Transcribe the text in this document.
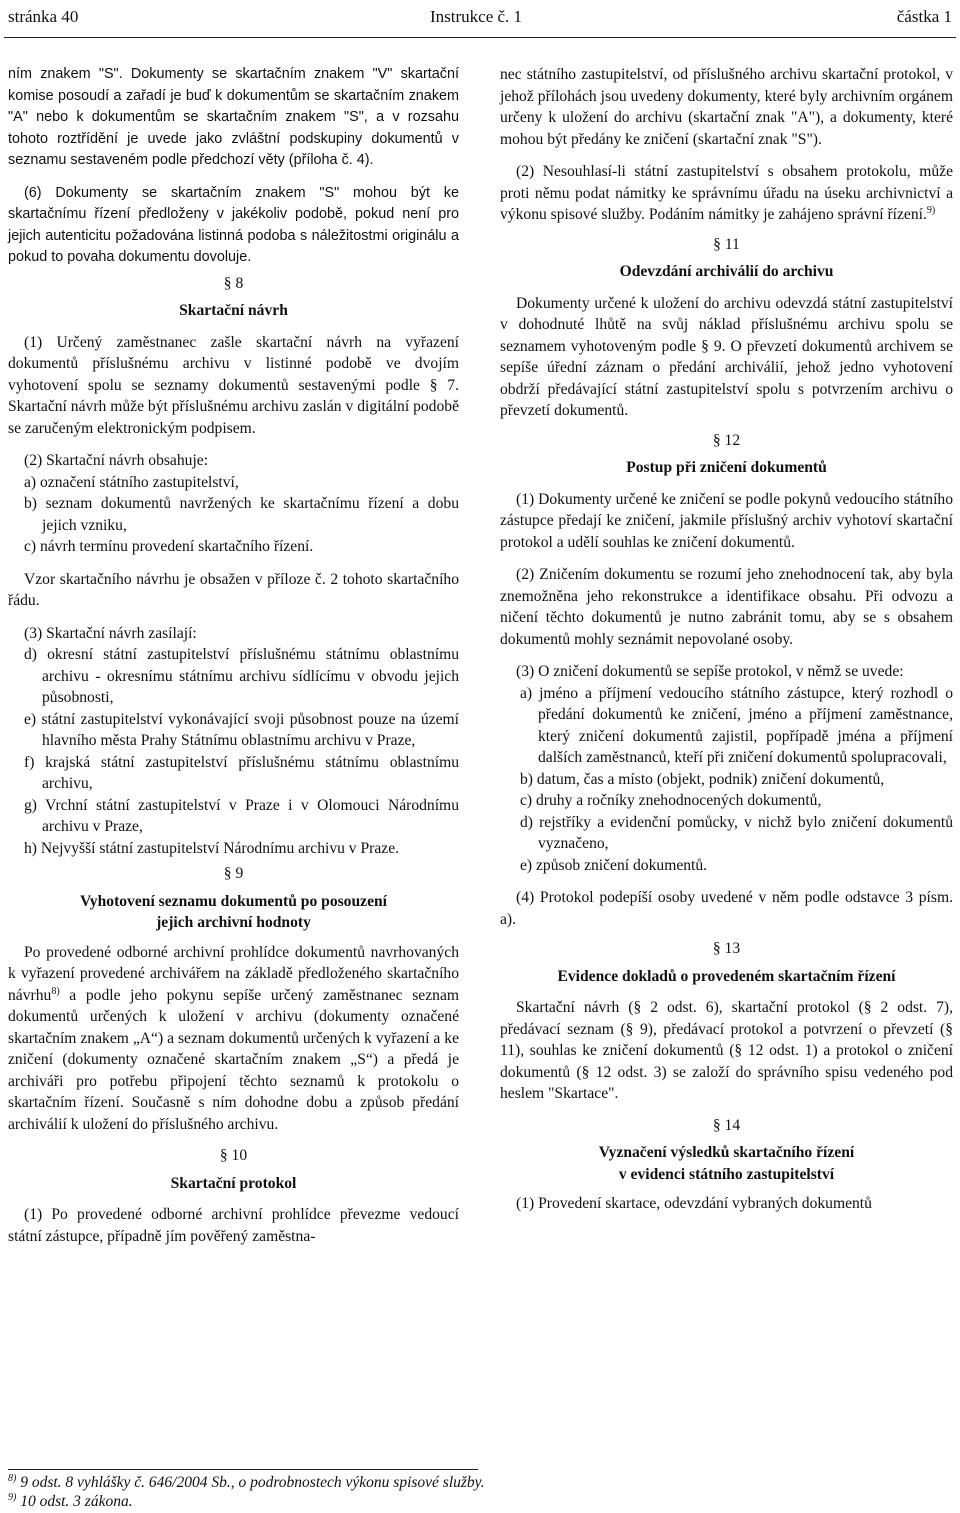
stránka 40	Instrukce č. 1	částka 1

ním znakem "S". Dokumenty se skartačním znakem "V" skartační komise posoudí a zařadí je buď k dokumentům se skartačním znakem "A" nebo k dokumentům se skartačním znakem "S", a v rozsahu tohoto roztřídění je uvede jako zvláštní podskupiny dokumentů v seznamu sestaveném podle předchozí věty (příloha č. 4).

(6) Dokumenty se skartačním znakem "S" mohou být ke skartačnímu řízení předloženy v jakékoliv podobě, pokud není pro jejich autenticitu požadována listinná podoba s náležitostmi originálu a pokud to povaha dokumentu dovoluje.

§ 8
Skartační návrh

(1) Určený zaměstnanec zašle skartační návrh na vyřazení dokumentů příslušnému archivu v listinné podobě ve dvojím vyhotovení spolu se seznamy dokumentů sestavenými podle § 7. Skartační návrh může být příslušnému archivu zaslán v digitální podobě se zaručeným elektronickým podpisem.

(2) Skartační návrh obsahuje:

a) označení státního zastupitelství,

b) seznam dokumentů navržených ke skartačnímu řízení a dobu jejich vzniku,

c) návrh termínu provedení skartačního řízení.

Vzor skartačního návrhu je obsažen v příloze č. 2 tohoto skartačního řádu.

(3) Skartační návrh zasílají:

d) okresní státní zastupitelství příslušnému státnímu oblastnímu archivu - okresnímu státnímu archivu sídlícímu v obvodu jejich působnosti,

e) státní zastupitelství vykonávající svoji působnost pouze na území hlavního města Prahy Státnímu oblastnímu archivu v Praze,

f) krajská státní zastupitelství příslušnému státnímu oblastnímu archivu,

g) Vrchní státní zastupitelství v Praze i v Olomouci Národnímu archivu v Praze,

h) Nejvyšší státní zastupitelství Národnímu archivu v Praze.

§ 9
Vyhotovení seznamu dokumentů po posouzení
jejich archivní hodnoty

Po provedené odborné archivní prohlídce dokumentů navrhovaných k vyřazení provedené archivářem na základě předloženého skartačního návrhu$^{8)}$ a podle jeho pokynu sepíše určený zaměstnanec seznam dokumentů určených k uložení v archivu (dokumenty označené skartačním znakem „A“) a seznam dokumentů určených k vyřazení a ke zničení (dokumenty označené skartačním znakem „S“) a předá je archiváři pro potřebu připojení těchto seznamů k protokolu o skartačním řízení. Současně s ním dohodne dobu a způsob předání archiválií k uložení do příslušného archivu.

§ 10
Skartační protokol

(1) Po provedené odborné archivní prohlídce převezme vedoucí státní zástupce, případně jím pověřený zaměstna-

nec státního zastupitelství, od příslušného archivu skartační protokol, v jehož přílohách jsou uvedeny dokumenty, které byly archivním orgánem určeny k uložení do archivu (skartační znak "A"), a dokumenty, které mohou být předány ke zničení (skartační znak "S").

(2) Nesouhlasí-li státní zastupitelství s obsahem protokolu, může proti němu podat námitky ke správnímu úřadu na úseku archivnictví a výkonu spisové služby. Podáním námitky je zahájeno správní řízení.$^{9)}$

§ 11
Odevzdání archiválií do archivu

Dokumenty určené k uložení do archivu odevzdá státní zastupitelství v dohodnuté lhůtě na svůj náklad příslušnému archivu spolu se seznamem vyhotoveným podle § 9. O převzetí dokumentů archivem se sepíše úřední záznam o předání archiválií, jehož jedno vyhotovení obdrží předávající státní zastupitelství spolu s potvrzením archivu o převzetí dokumentů.

§ 12
Postup při zničení dokumentů

(1) Dokumenty určené ke zničení se podle pokynů vedoucího státního zástupce předají ke zničení, jakmile příslušný archiv vyhotoví skartační protokol a udělí souhlas ke zničení dokumentů.

(2) Zničením dokumentu se rozumí jeho znehodnocení tak, aby byla znemožněna jeho rekonstrukce a identifikace obsahu. Při odvozu a ničení těchto dokumentů je nutno zabránit tomu, aby se s obsahem dokumentů mohly seznámit nepovolané osoby.

(3) O zničení dokumentů se sepíše protokol, v němž se uvede:

a) jméno a příjmení vedoucího státního zástupce, který rozhodl o předání dokumentů ke zničení, jméno a příjmení zaměstnance, který zničení dokumentů zajistil, popřípadě jména a příjmení dalších zaměstnanců, kteří při zničení dokumentů spolupracovali,

b) datum, čas a místo (objekt, podnik) zničení dokumentů,

c) druhy a ročníky znehodnocených dokumentů,

d) rejstříky a evidenční pomůcky, v nichž bylo zničení dokumentů vyznačeno,

e) způsob zničení dokumentů.

(4) Protokol podepíší osoby uvedené v něm podle odstavce 3 písm. a).

§ 13
Evidence dokladů o provedeném skartačním řízení

Skartační návrh (§ 2 odst. 6), skartační protokol (§ 2 odst. 7), předávací seznam (§ 9), předávací protokol a potvrzení o převzetí (§ 11), souhlas ke zničení dokumentů (§ 12 odst. 1) a protokol o zničení dokumentů (§ 12 odst. 3) se založí do správního spisu vedeného pod heslem "Skartace".

§ 14
Vyznačení výsledků skartačního řízení
v evidenci státního zastupitelství

(1) Provedení skartace, odevzdání vybraných dokumentů

$^{8)}$ 9 odst. 8 vyhlášky č. 646/2004 Sb., o podrobnostech výkonu spisové služby.
$^{9)}$ 10 odst. 3 zákona.
